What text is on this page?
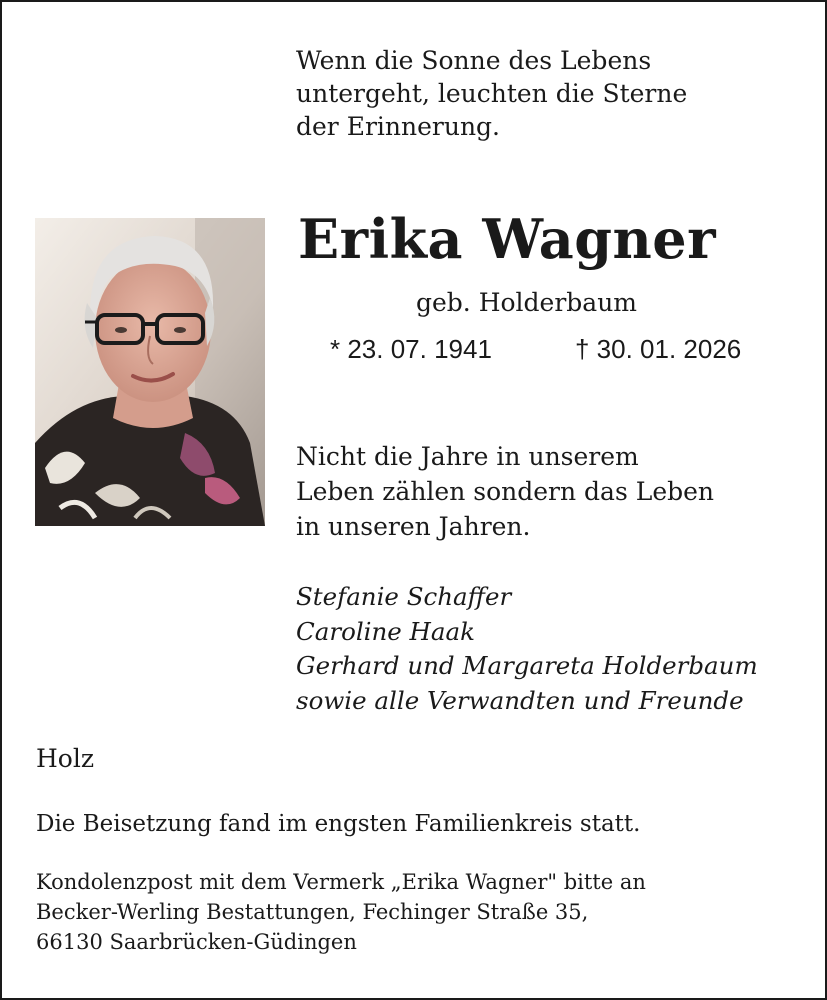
Wenn die Sonne des Lebens
untergeht, leuchten die Sterne
der Erinnerung.
Erika Wagner
geb. Holderbaum
* 23. 07. 1941	† 30. 01. 2026
Nicht die Jahre in unserem
Leben zählen sondern das Leben
in unseren Jahren.
Stefanie Schaffer
Caroline Haak
Gerhard und Margareta Holderbaum
sowie alle Verwandten und Freunde
Holz
Die Beisetzung fand im engsten Familienkreis statt.
Kondolenzpost mit dem Vermerk „Erika Wagner" bitte an
Becker-Werling Bestattungen, Fechinger Straße 35,
66130 Saarbrücken-Güdingen
